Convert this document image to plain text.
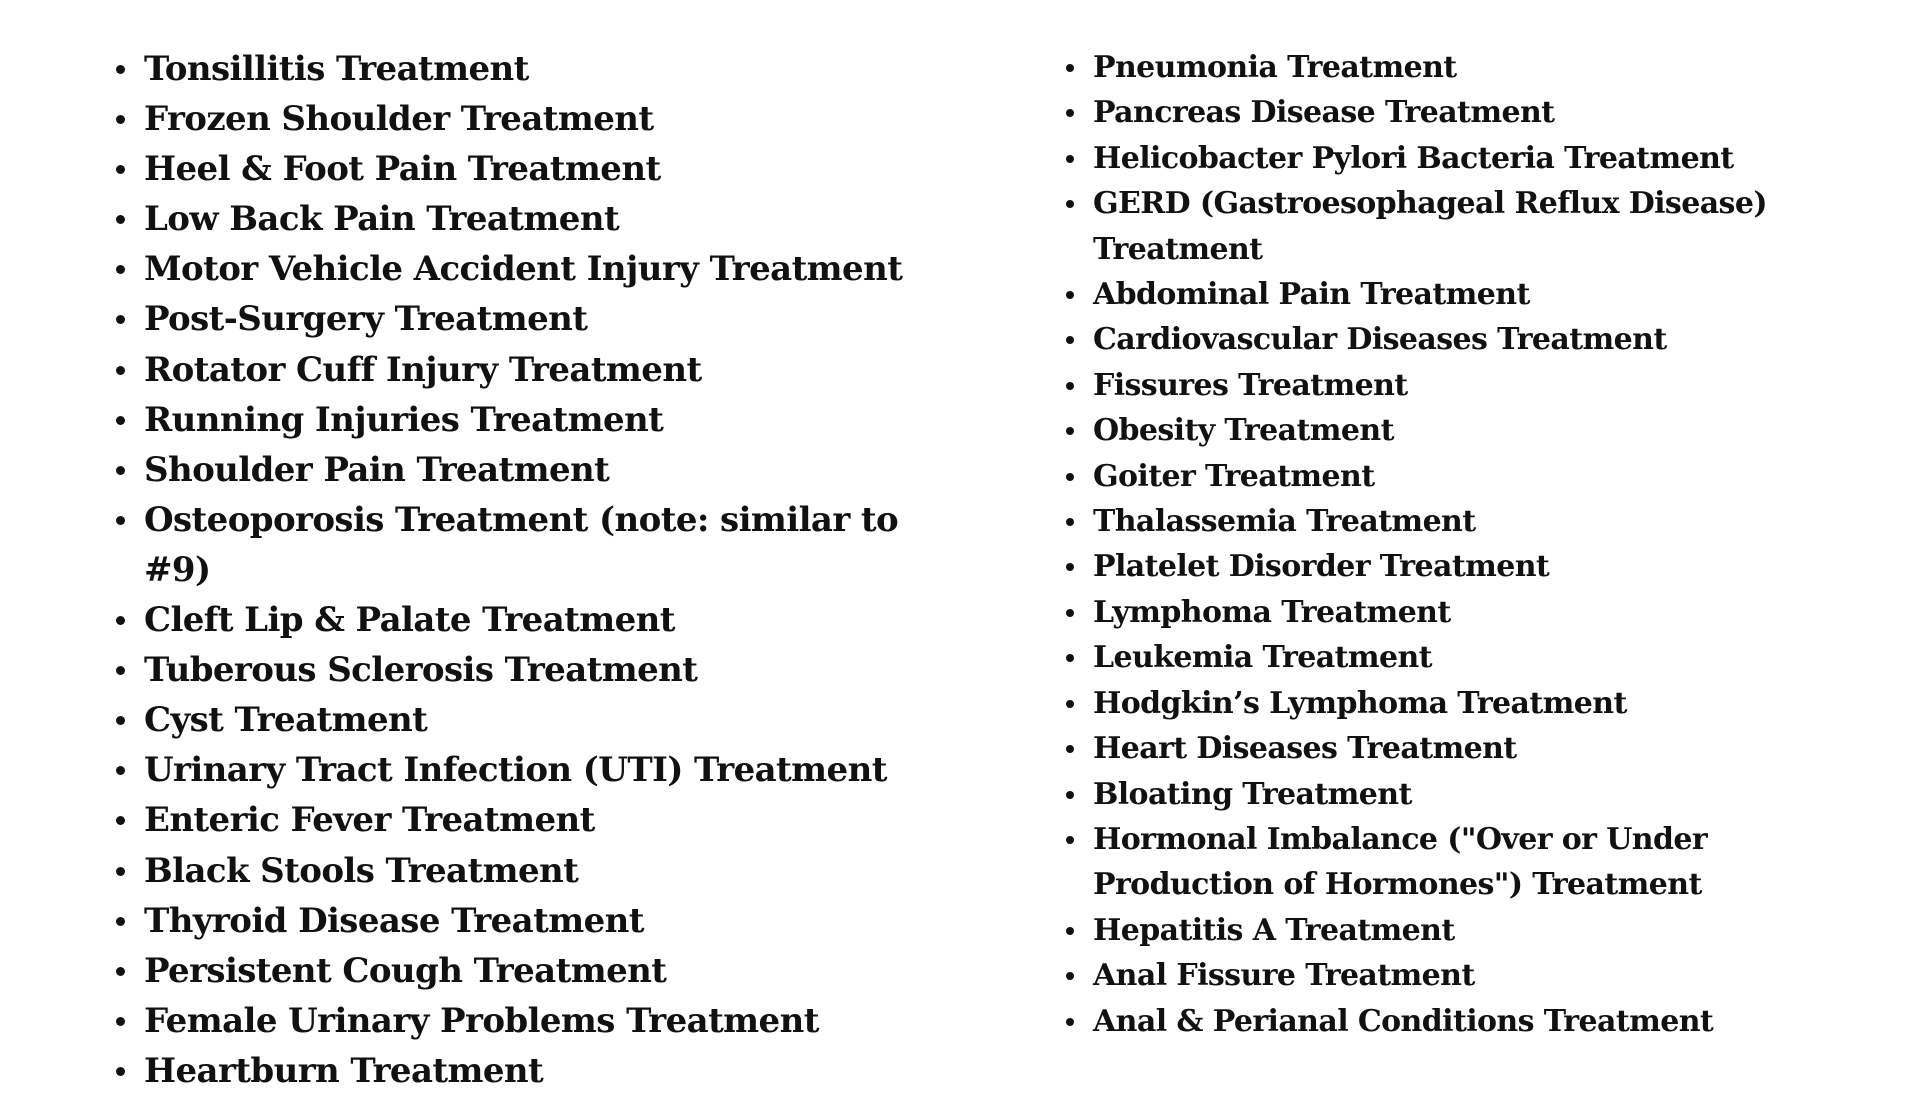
Tonsillitis Treatment
Frozen Shoulder Treatment
Heel & Foot Pain Treatment
Low Back Pain Treatment
Motor Vehicle Accident Injury Treatment
Post-Surgery Treatment
Rotator Cuff Injury Treatment
Running Injuries Treatment
Shoulder Pain Treatment
Osteoporosis Treatment (note: similar to #9)
Cleft Lip & Palate Treatment
Tuberous Sclerosis Treatment
Cyst Treatment
Urinary Tract Infection (UTI) Treatment
Enteric Fever Treatment
Black Stools Treatment
Thyroid Disease Treatment
Persistent Cough Treatment
Female Urinary Problems Treatment
Heartburn Treatment
Pneumonia Treatment
Pancreas Disease Treatment
Helicobacter Pylori Bacteria Treatment
GERD (Gastroesophageal Reflux Disease) Treatment
Abdominal Pain Treatment
Cardiovascular Diseases Treatment
Fissures Treatment
Obesity Treatment
Goiter Treatment
Thalassemia Treatment
Platelet Disorder Treatment
Lymphoma Treatment
Leukemia Treatment
Hodgkin’s Lymphoma Treatment
Heart Diseases Treatment
Bloating Treatment
Hormonal Imbalance ("Over or Under Production of Hormones") Treatment
Hepatitis A Treatment
Anal Fissure Treatment
Anal & Perianal Conditions Treatment
